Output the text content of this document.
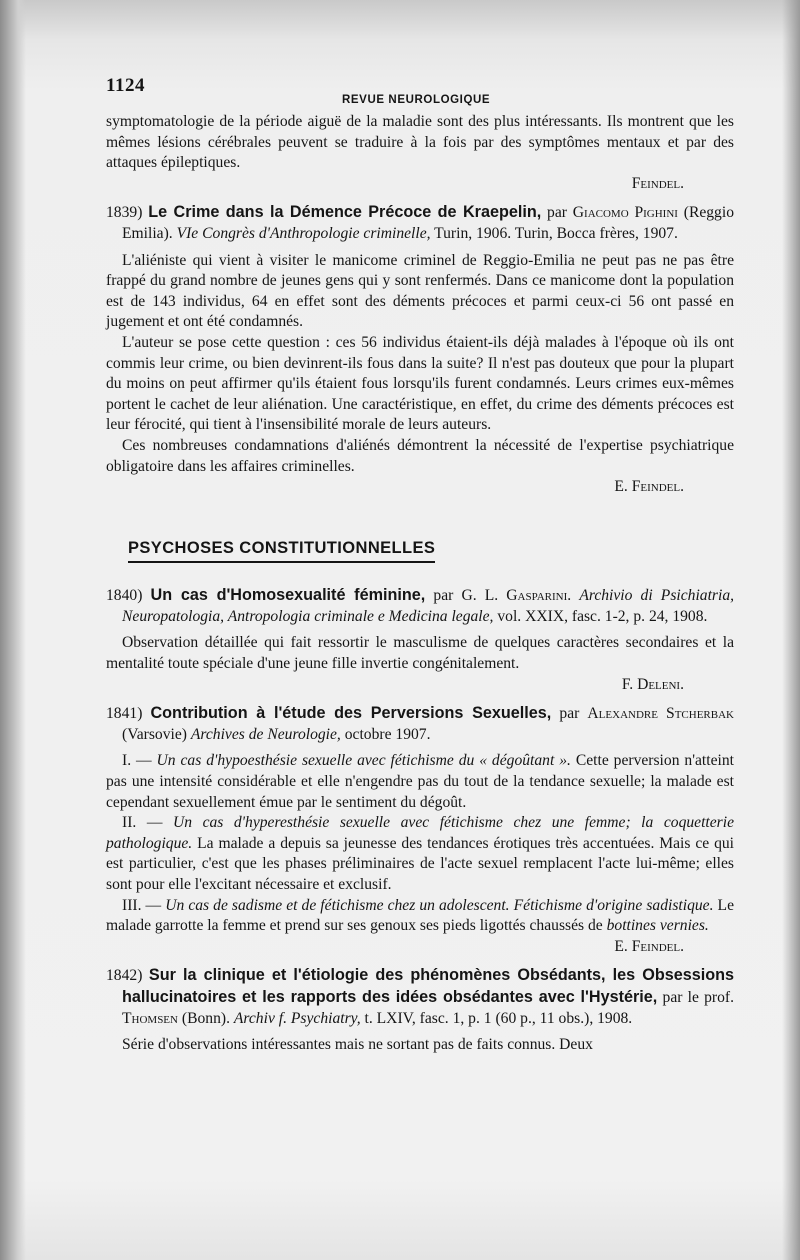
1124
REVUE NEUROLOGIQUE

symptomatologie de la période aiguë de la maladie sont des plus intéressants. Ils montrent que les mêmes lésions cérébrales peuvent se traduire à la fois par des symptômes mentaux et par des attaques épileptiques.

Feindel.

1839) Le Crime dans la Démence Précoce de Kraepelin, par Giacomo Pighini (Reggio Emilia). VIe Congrès d'Anthropologie criminelle, Turin, 1906. Turin, Bocca frères, 1907.

L'aliéniste qui vient à visiter le manicome criminel de Reggio-Emilia ne peut pas ne pas être frappé du grand nombre de jeunes gens qui y sont renfermés. Dans ce manicome dont la population est de 143 individus, 64 en effet sont des déments précoces et parmi ceux-ci 56 ont passé en jugement et ont été condamnés.

L'auteur se pose cette question : ces 56 individus étaient-ils déjà malades à l'époque où ils ont commis leur crime, ou bien devinrent-ils fous dans la suite? Il n'est pas douteux que pour la plupart du moins on peut affirmer qu'ils étaient fous lorsqu'ils furent condamnés. Leurs crimes eux-mêmes portent le cachet de leur aliénation. Une caractéristique, en effet, du crime des déments précoces est leur férocité, qui tient à l'insensibilité morale de leurs auteurs.

Ces nombreuses condamnations d'aliénés démontrent la nécessité de l'expertise psychiatrique obligatoire dans les affaires criminelles.

E. Feindel.

PSYCHOSES CONSTITUTIONNELLES
1840) Un cas d'Homosexualité féminine, par G. L. Gasparini. Archivio di Psichiatria, Neuropatologia, Antropologia criminale e Medicina legale, vol. XXIX, fasc. 1-2, p. 24, 1908.

Observation détaillée qui fait ressortir le masculisme de quelques caractères secondaires et la mentalité toute spéciale d'une jeune fille invertie congénitalement.

F. Deleni.

1841) Contribution à l'étude des Perversions Sexuelles, par Alexandre Stcherbak (Varsovie) Archives de Neurologie, octobre 1907.

I. — Un cas d'hypoesthésie sexuelle avec fétichisme du « dégoûtant ». Cette perversion n'atteint pas une intensité considérable et elle n'engendre pas du tout de la tendance sexuelle; la malade est cependant sexuellement émue par le sentiment du dégoût.

II. — Un cas d'hyperesthésie sexuelle avec fétichisme chez une femme; la coquetterie pathologique. La malade a depuis sa jeunesse des tendances érotiques très accentuées. Mais ce qui est particulier, c'est que les phases préliminaires de l'acte sexuel remplacent l'acte lui-même; elles sont pour elle l'excitant nécessaire et exclusif.

III. — Un cas de sadisme et de fétichisme chez un adolescent. Fétichisme d'origine sadistique. Le malade garrotte la femme et prend sur ses genoux ses pieds ligottés chaussés de bottines vernies.

E. Feindel.

1842) Sur la clinique et l'étiologie des phénomènes Obsédants, les Obsessions hallucinatoires et les rapports des idées obsédantes avec l'Hystérie, par le prof. Thomsen (Bonn). Archiv f. Psychiatry, t. LXIV, fasc. 1, p. 1 (60 p., 11 obs.), 1908.

Série d'observations intéressantes mais ne sortant pas de faits connus. Deux
